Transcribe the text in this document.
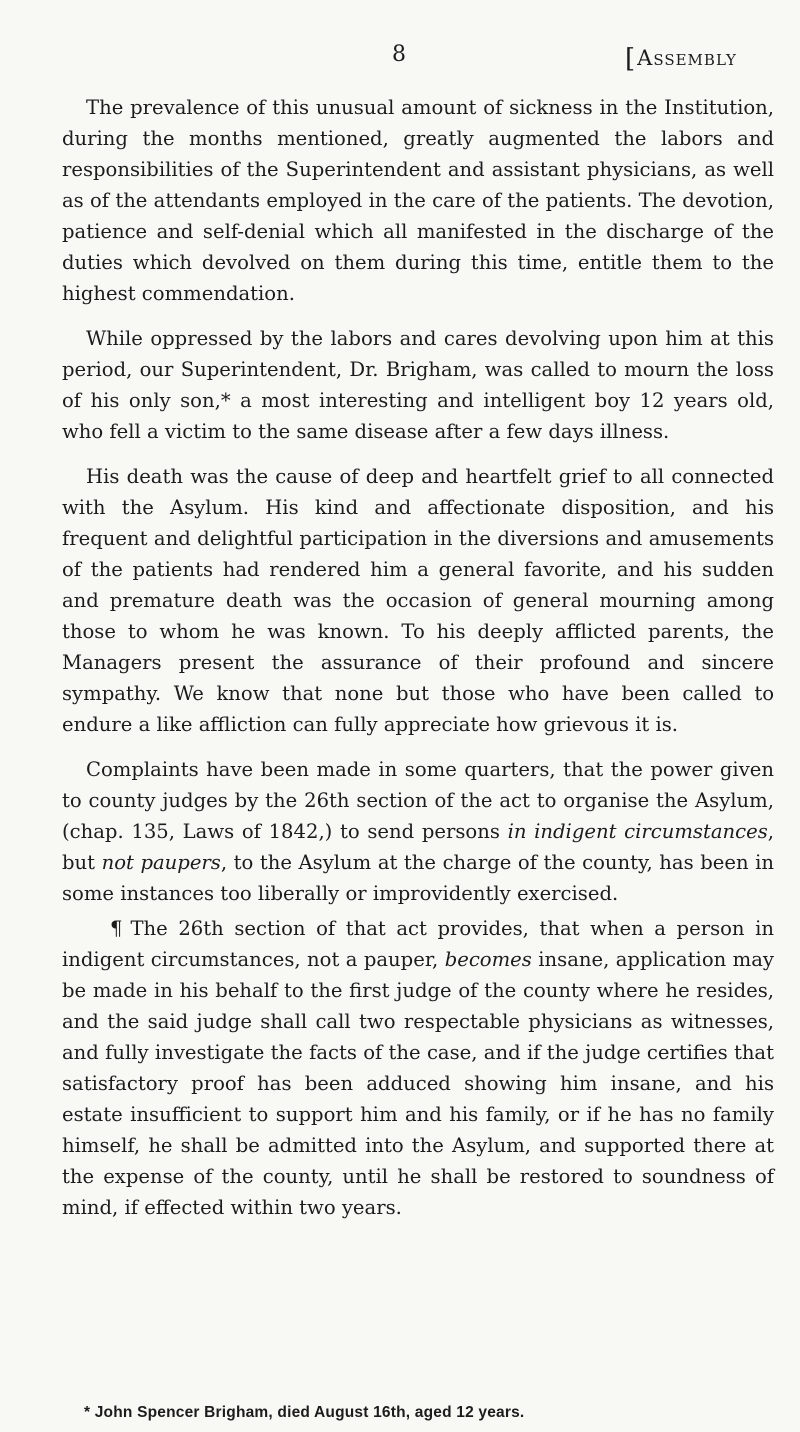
8	[Assembly

The prevalence of this unusual amount of sickness in the Institution, during the months mentioned, greatly augmented the labors and responsibilities of the Superintendent and assistant physicians, as well as of the attendants employed in the care of the patients. The devotion, patience and self-denial which all manifested in the discharge of the duties which devolved on them during this time, entitle them to the highest commendation.

While oppressed by the labors and cares devolving upon him at this period, our Superintendent, Dr. Brigham, was called to mourn the loss of his only son,* a most interesting and intelligent boy 12 years old, who fell a victim to the same disease after a few days illness.

His death was the cause of deep and heartfelt grief to all connected with the Asylum. His kind and affectionate disposition, and his frequent and delightful participation in the diversions and amusements of the patients had rendered him a general favorite, and his sudden and premature death was the occasion of general mourning among those to whom he was known. To his deeply afflicted parents, the Managers present the assurance of their profound and sincere sympathy. We know that none but those who have been called to endure a like affliction can fully appreciate how grievous it is.

Complaints have been made in some quarters, that the power given to county judges by the 26th section of the act to organise the Asylum, (chap. 135, Laws of 1842,) to send persons in indigent circumstances, but not paupers, to the Asylum at the charge of the county, has been in some instances too liberally or improvidently exercised.

¶ The 26th section of that act provides, that when a person in indigent circumstances, not a pauper, becomes insane, application may be made in his behalf to the first judge of the county where he resides, and the said judge shall call two respectable physicians as witnesses, and fully investigate the facts of the case, and if the judge certifies that satisfactory proof has been adduced showing him insane, and his estate insufficient to support him and his family, or if he has no family himself, he shall be admitted into the Asylum, and supported there at the expense of the county, until he shall be restored to soundness of mind, if effected within two years.

* John Spencer Brigham, died August 16th, aged 12 years.
